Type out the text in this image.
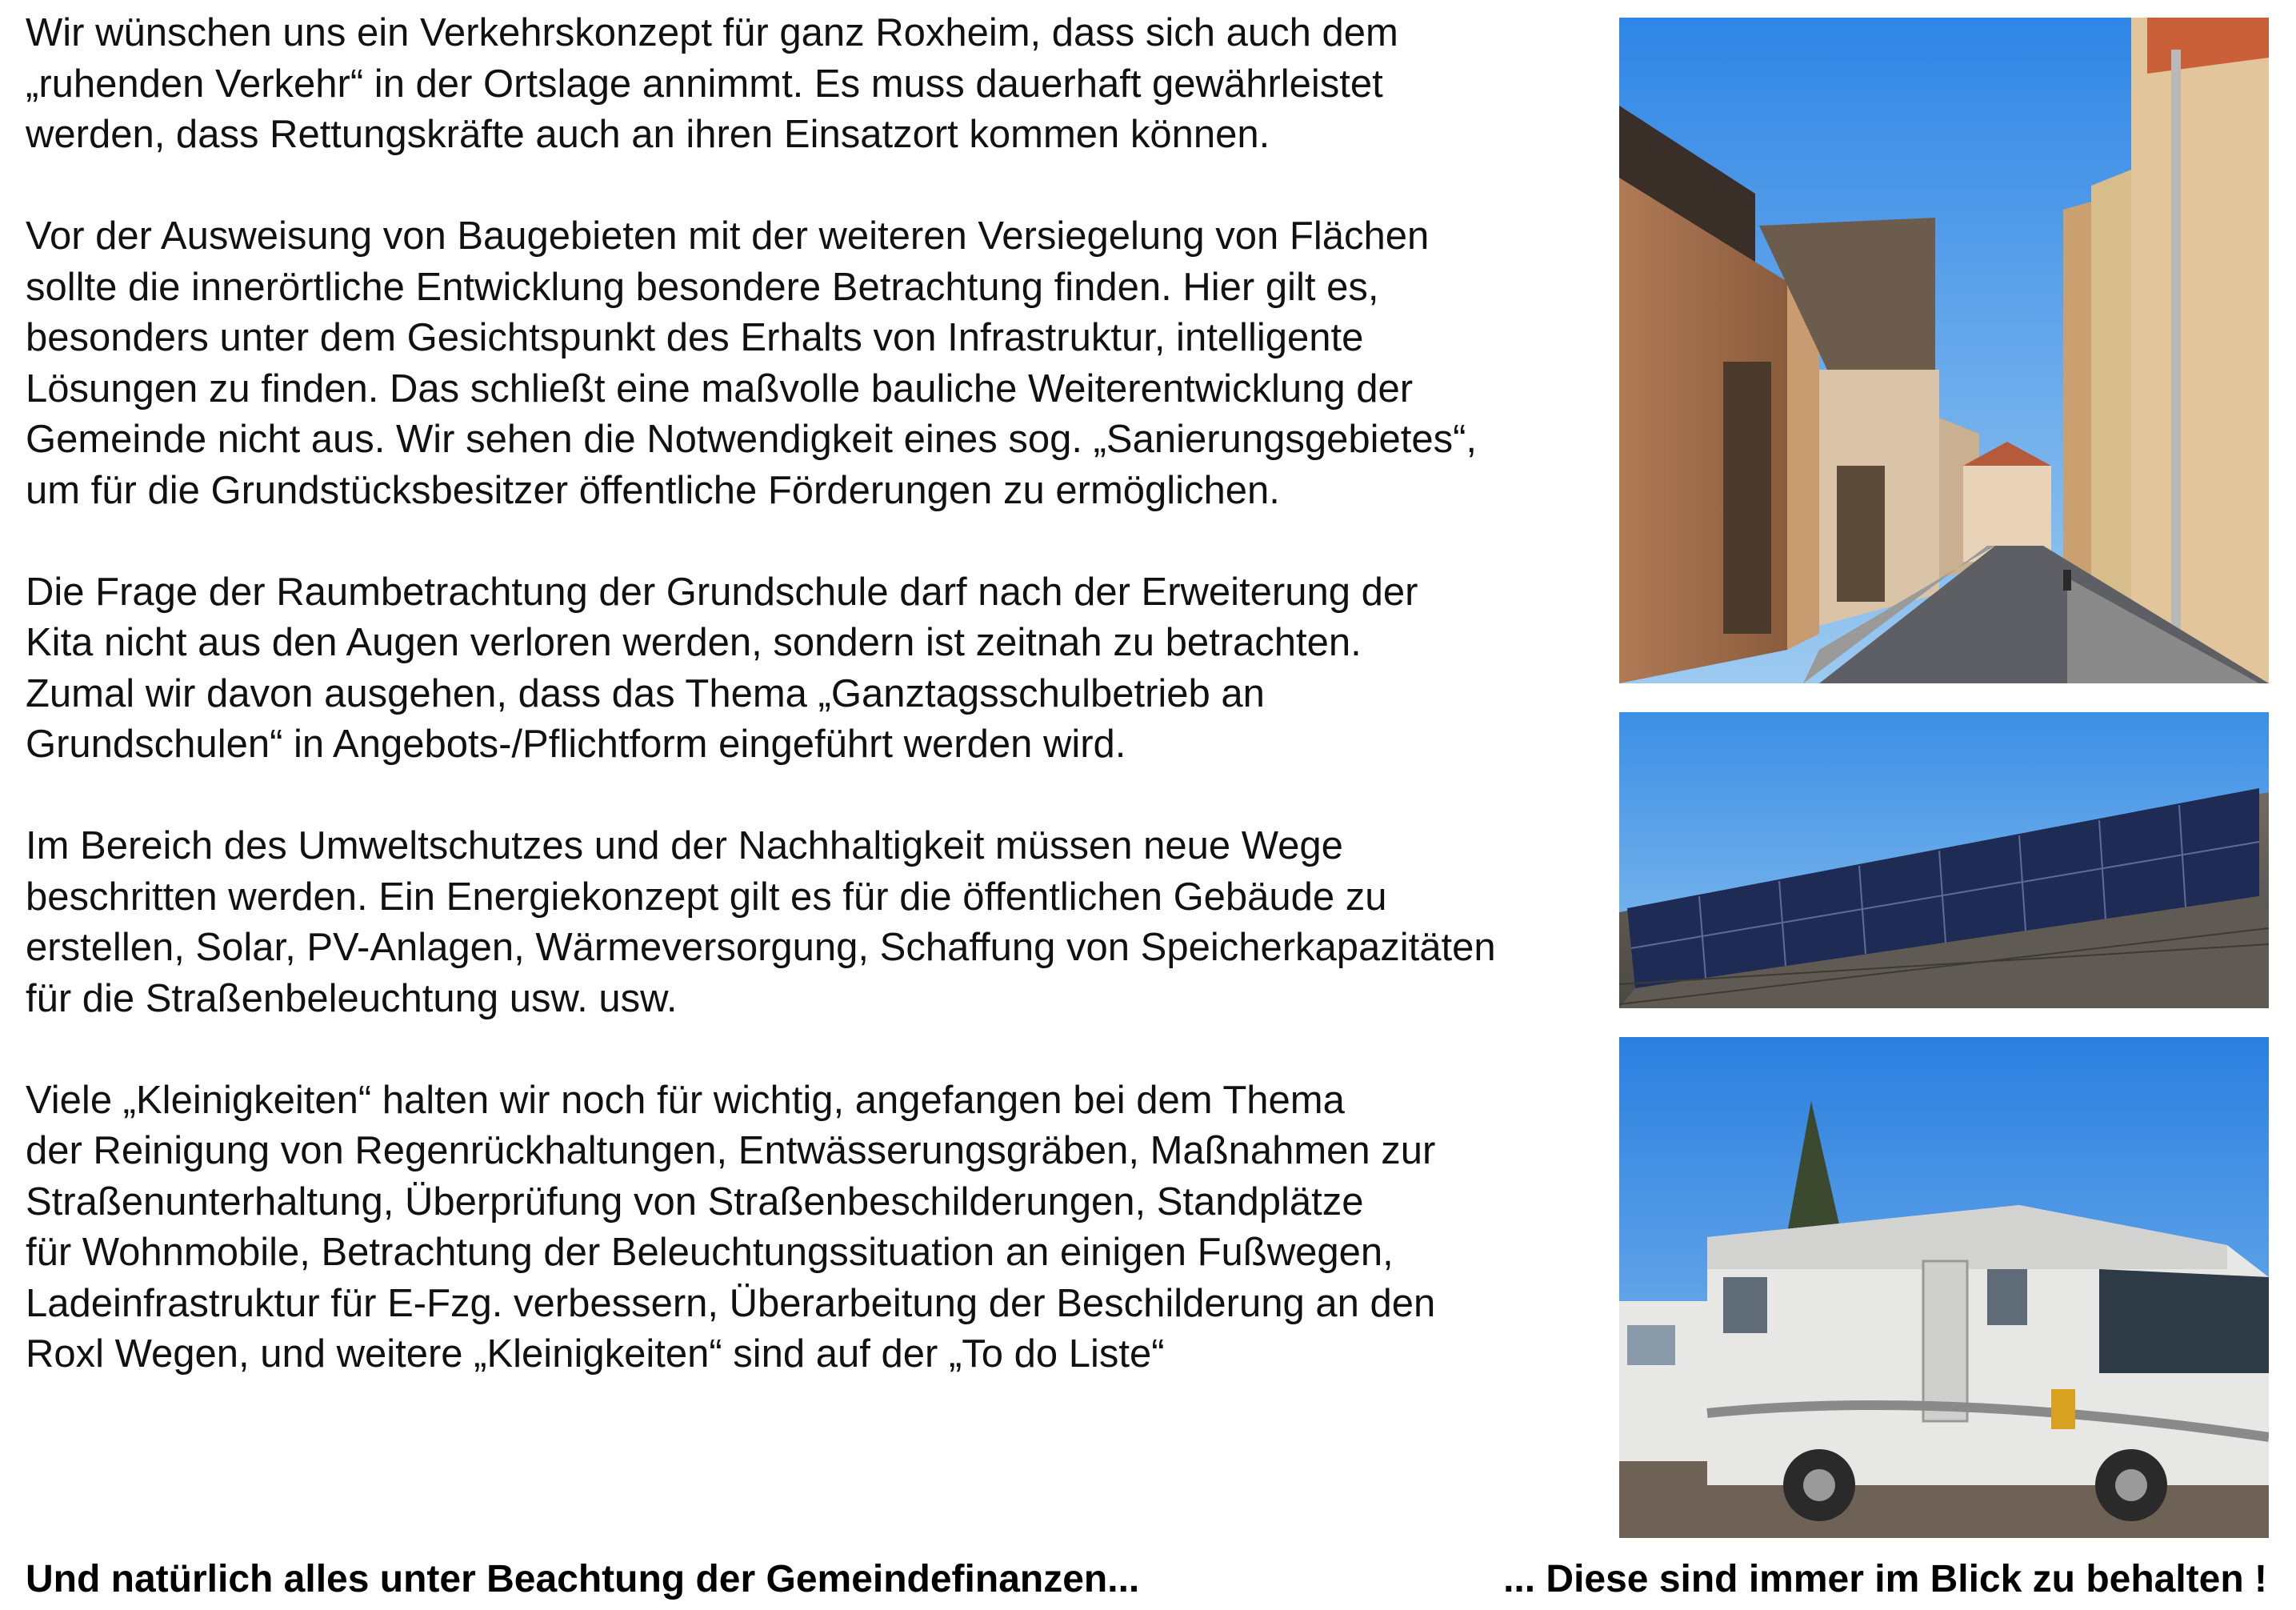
Wir wünschen uns ein Verkehrskonzept für ganz Roxheim, dass sich auch dem
„ruhenden Verkehr“ in der Ortslage annimmt. Es muss dauerhaft gewährleistet
werden, dass Rettungskräfte auch an ihren Einsatzort kommen können.

Vor der Ausweisung von Baugebieten mit der weiteren Versiegelung von Flächen
sollte die innerörtliche Entwicklung besondere Betrachtung finden. Hier gilt es,
besonders unter dem Gesichtspunkt des Erhalts von Infrastruktur, intelligente
Lösungen zu finden. Das schließt eine maßvolle bauliche Weiterentwicklung der
Gemeinde nicht aus. Wir sehen die Notwendigkeit eines sog. „Sanierungsgebietes“,
um für die Grundstücksbesitzer öffentliche Förderungen zu ermöglichen.

Die Frage der Raumbetrachtung der Grundschule darf nach der Erweiterung der
Kita nicht aus den Augen verloren werden, sondern ist zeitnah zu betrachten.
Zumal wir davon ausgehen, dass das Thema „Ganztagsschulbetrieb an
Grundschulen“ in Angebots-/Pflichtform eingeführt werden wird.

Im Bereich des Umweltschutzes und der Nachhaltigkeit müssen neue Wege
beschritten werden. Ein Energiekonzept gilt es für die öffentlichen Gebäude zu
erstellen, Solar, PV-Anlagen, Wärmeversorgung, Schaffung von Speicherkapazitäten
für die Straßenbeleuchtung usw. usw.

Viele „Kleinigkeiten“ halten wir noch für wichtig, angefangen bei dem Thema
der Reinigung von Regenrückhaltungen, Entwässerungsgräben, Maßnahmen zur
Straßenunterhaltung, Überprüfung von Straßenbeschilderungen, Standplätze
für Wohnmobile, Betrachtung der Beleuchtungssituation an einigen Fußwegen,
Ladeinfrastruktur für E-Fzg. verbessern, Überarbeitung der Beschilderung an den
Roxl Wegen, und weitere „Kleinigkeiten“ sind auf der „To do Liste“

Und natürlich alles unter Beachtung der Gemeindefinanzen...	... Diese sind immer im Blick zu behalten !
